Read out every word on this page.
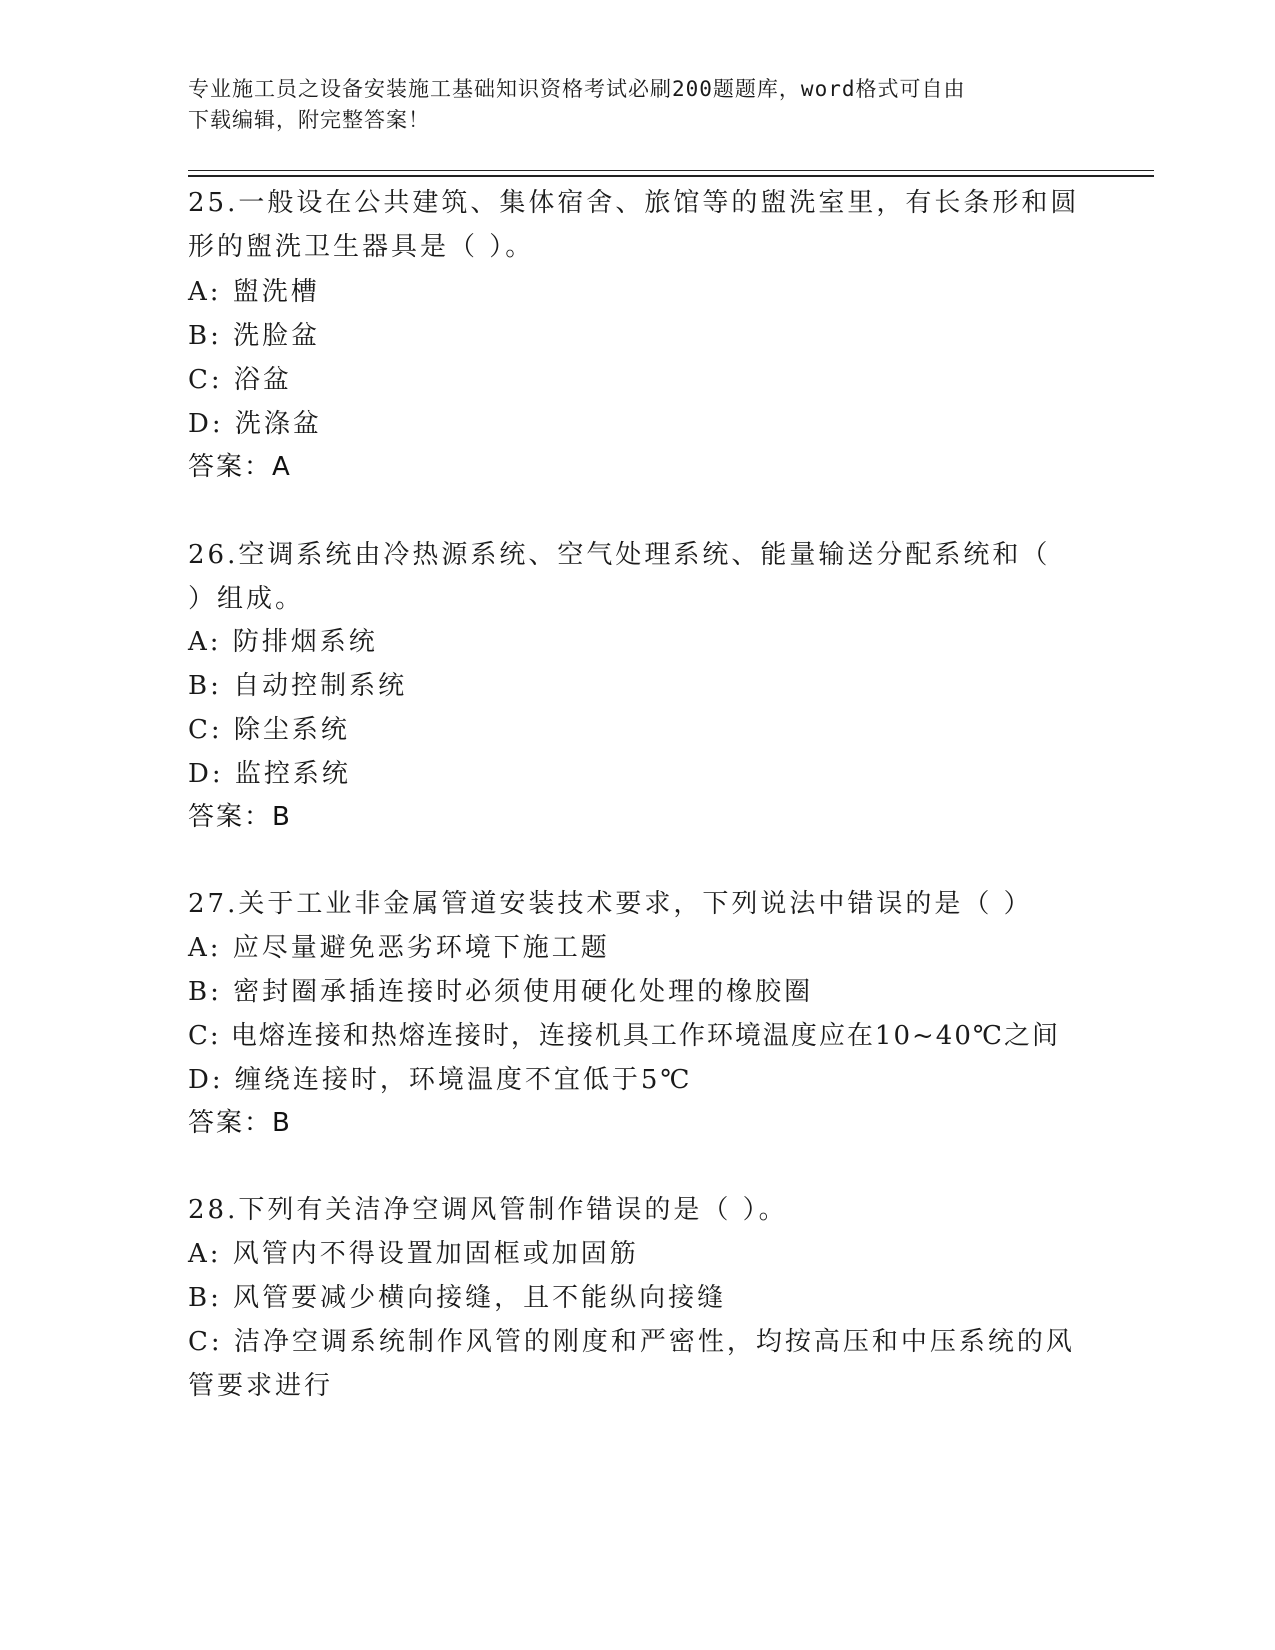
专业施工员之设备安装施工基础知识资格考试必刷200题题库，word格式可自由
下载编辑，附完整答案！
25.一般设在公共建筑、集体宿舍、旅馆等的盥洗室里，有长条形和圆
形的盥洗卫生器具是（ ）。
A: 盥洗槽
B: 洗脸盆
C: 浴盆
D: 洗涤盆
答案：A
26.空调系统由冷热源系统、空气处理系统、能量输送分配系统和（
）组成。
A: 防排烟系统
B: 自动控制系统
C: 除尘系统
D: 监控系统
答案：B
27.关于工业非金属管道安装技术要求，下列说法中错误的是（ ）
A: 应尽量避免恶劣环境下施工题
B: 密封圈承插连接时必须使用硬化处理的橡胶圈
C: 电熔连接和热熔连接时，连接机具工作环境温度应在10~40℃之间
D: 缠绕连接时，环境温度不宜低于5℃
答案：B
28.下列有关洁净空调风管制作错误的是（ ）。
A: 风管内不得设置加固框或加固筋
B: 风管要减少横向接缝，且不能纵向接缝
C: 洁净空调系统制作风管的刚度和严密性，均按高压和中压系统的风
管要求进行
